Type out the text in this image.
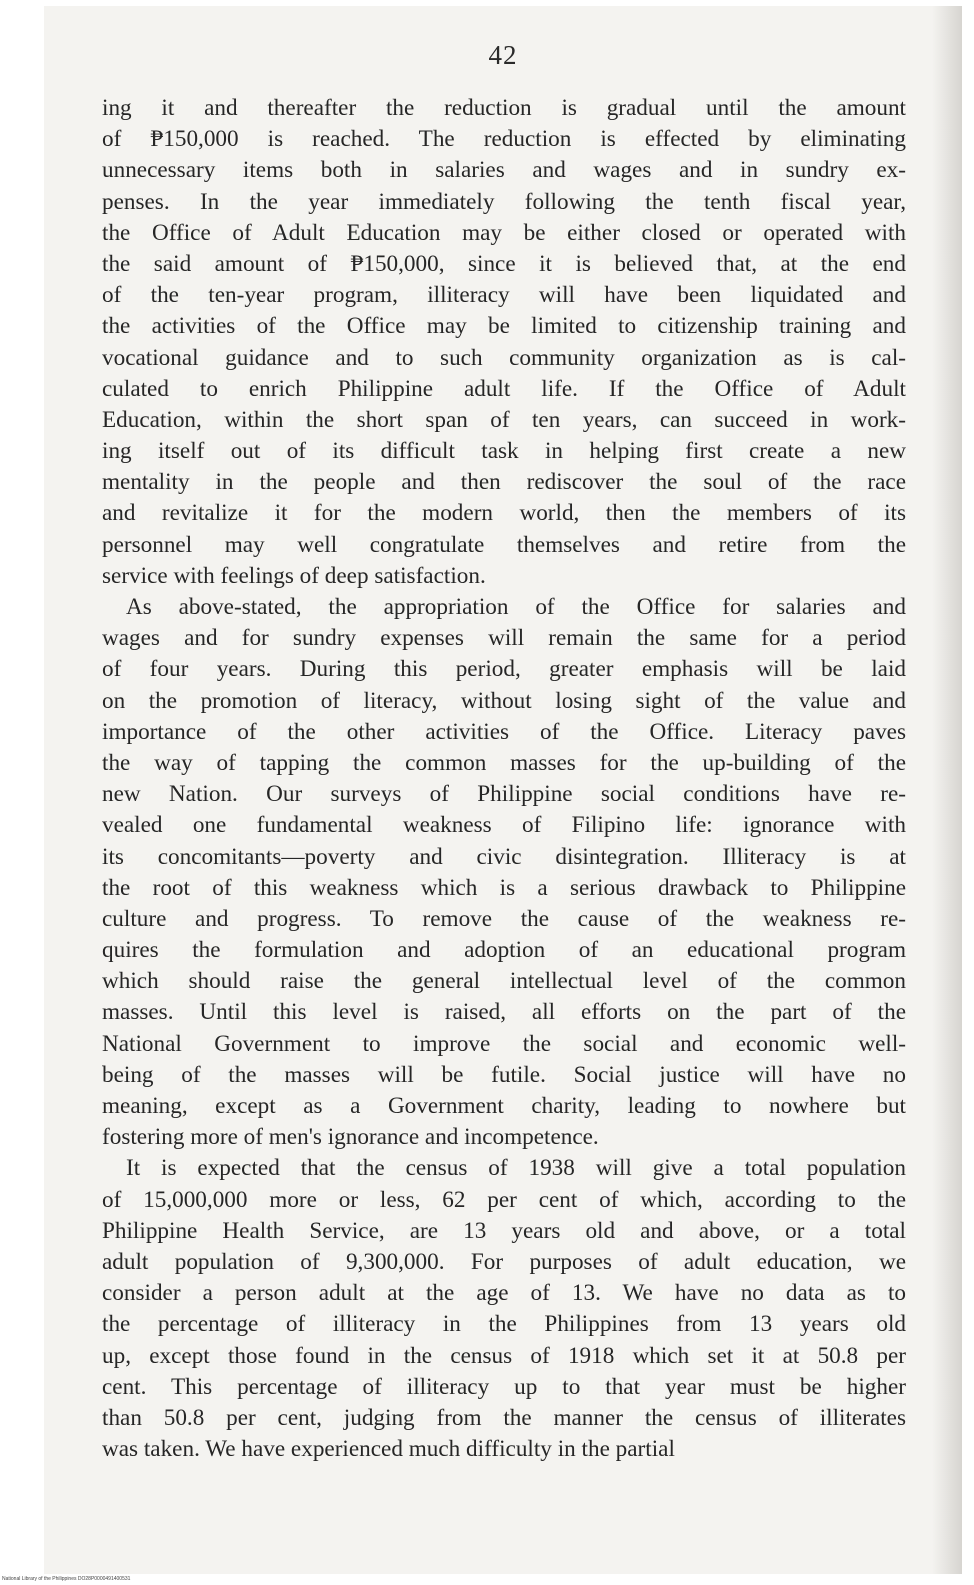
42
ing it and thereafter the reduction is gradual until the amount
of ₱150,000 is reached. The reduction is effected by eliminating
unnecessary items both in salaries and wages and in sundry ex-
penses. In the year immediately following the tenth fiscal year,
the Office of Adult Education may be either closed or operated with
the said amount of ₱150,000, since it is believed that, at the end
of the ten-year program, illiteracy will have been liquidated and
the activities of the Office may be limited to citizenship training and
vocational guidance and to such community organization as is cal-
culated to enrich Philippine adult life. If the Office of Adult
Education, within the short span of ten years, can succeed in work-
ing itself out of its difficult task in helping first create a new
mentality in the people and then rediscover the soul of the race
and revitalize it for the modern world, then the members of its
personnel may well congratulate themselves and retire from the
service with feelings of deep satisfaction.
As above-stated, the appropriation of the Office for salaries and
wages and for sundry expenses will remain the same for a period
of four years. During this period, greater emphasis will be laid
on the promotion of literacy, without losing sight of the value and
importance of the other activities of the Office. Literacy paves
the way of tapping the common masses for the up-building of the
new Nation. Our surveys of Philippine social conditions have re-
vealed one fundamental weakness of Filipino life: ignorance with
its concomitants—poverty and civic disintegration. Illiteracy is at
the root of this weakness which is a serious drawback to Philippine
culture and progress. To remove the cause of the weakness re-
quires the formulation and adoption of an educational program
which should raise the general intellectual level of the common
masses. Until this level is raised, all efforts on the part of the
National Government to improve the social and economic well-
being of the masses will be futile. Social justice will have no
meaning, except as a Government charity, leading to nowhere but
fostering more of men's ignorance and incompetence.
It is expected that the census of 1938 will give a total population
of 15,000,000 more or less, 62 per cent of which, according to the
Philippine Health Service, are 13 years old and above, or a total
adult population of 9,300,000. For purposes of adult education, we
consider a person adult at the age of 13. We have no data as to
the percentage of illiteracy in the Philippines from 13 years old
up, except those found in the census of 1918 which set it at 50.8 per
cent. This percentage of illiteracy up to that year must be higher
than 50.8 per cent, judging from the manner the census of illiterates
was taken. We have experienced much difficulty in the partial
National Library of the Philippines DO28P0000491400531
